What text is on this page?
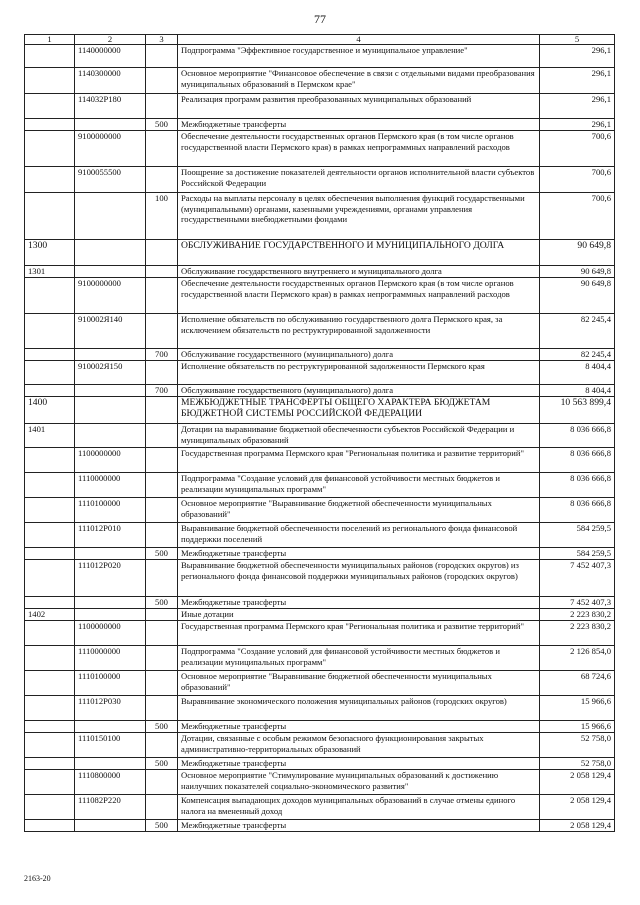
77
1	2	3	4	5
	1140000000		Подпрограмма "Эффективное государственное и муниципальное управление"	296,1
	1140300000		Основное мероприятие "Финансовое обеспечение в связи с отдельными видами преобразования муниципальных образований в Пермском крае"	296,1
	114032P180		Реализация программ развития преобразованных муниципальных образований	296,1
		500	Межбюджетные трансферты	296,1
	9100000000		Обеспечение деятельности государственных органов Пермского края (в том числе органов государственной власти Пермского края) в рамках непрограммных направлений расходов	700,6
	9100055500		Поощрение за достижение показателей деятельности органов исполнительной власти субъектов Российской Федерации	700,6
		100	Расходы на выплаты персоналу в целях обеспечения выполнения функций государственными (муниципальными) органами, казенными учреждениями, органами управления государственными внебюджетными фондами	700,6
1300			ОБСЛУЖИВАНИЕ ГОСУДАРСТВЕННОГО И МУНИЦИПАЛЬНОГО ДОЛГА	90 649,8
1301			Обслуживание государственного внутреннего и муниципального долга	90 649,8
	9100000000		Обеспечение деятельности государственных органов Пермского края (в том числе органов государственной власти Пермского края) в рамках непрограммных направлений расходов	90 649,8
	910002Я140		Исполнение обязательств по обслуживанию государственного долга Пермского края, за исключением обязательств по реструктурированной задолженности	82 245,4
		700	Обслуживание государственного (муниципального) долга	82 245,4
	910002Я150		Исполнение обязательств по реструктурированной задолженности Пермского края	8 404,4
		700	Обслуживание государственного (муниципального) долга	8 404,4
1400			МЕЖБЮДЖЕТНЫЕ ТРАНСФЕРТЫ ОБЩЕГО ХАРАКТЕРА БЮДЖЕТАМ БЮДЖЕТНОЙ СИСТЕМЫ РОССИЙСКОЙ ФЕДЕРАЦИИ	10 563 899,4
1401			Дотации на выравнивание бюджетной обеспеченности субъектов Российской Федерации и муниципальных образований	8 036 666,8
	1100000000		Государственная программа Пермского края "Региональная политика и развитие территорий"	8 036 666,8
	1110000000		Подпрограмма "Создание условий для финансовой устойчивости местных бюджетов и реализации муниципальных программ"	8 036 666,8
	1110100000		Основное мероприятие "Выравнивание бюджетной обеспеченности муниципальных образований"	8 036 666,8
	111012P010		Выравнивание бюджетной обеспеченности поселений из регионального фонда финансовой поддержки поселений	584 259,5
		500	Межбюджетные трансферты	584 259,5
	111012P020		Выравнивание бюджетной обеспеченности муниципальных районов (городских округов) из регионального фонда финансовой поддержки муниципальных районов (городских округов)	7 452 407,3
		500	Межбюджетные трансферты	7 452 407,3
1402			Иные дотации	2 223 830,2
	1100000000		Государственная программа Пермского края "Региональная политика и развитие территорий"	2 223 830,2
	1110000000		Подпрограмма "Создание условий для финансовой устойчивости местных бюджетов и реализации муниципальных программ"	2 126 854,0
	1110100000		Основное мероприятие "Выравнивание бюджетной обеспеченности муниципальных образований"	68 724,6
	111012P030		Выравнивание экономического положения муниципальных районов (городских округов)	15 966,6
		500	Межбюджетные трансферты	15 966,6
	1110150100		Дотации, связанные с особым режимом безопасного функционирования закрытых административно-территориальных образований	52 758,0
		500	Межбюджетные трансферты	52 758,0
	1110800000		Основное мероприятие "Стимулирование муниципальных образований к достижению наилучших показателей социально-экономического развития"	2 058 129,4
	111082P220		Компенсация выпадающих доходов муниципальных образований в случае отмены единого налога на вмененный доход	2 058 129,4
		500	Межбюджетные трансферты	2 058 129,4
2163-20
